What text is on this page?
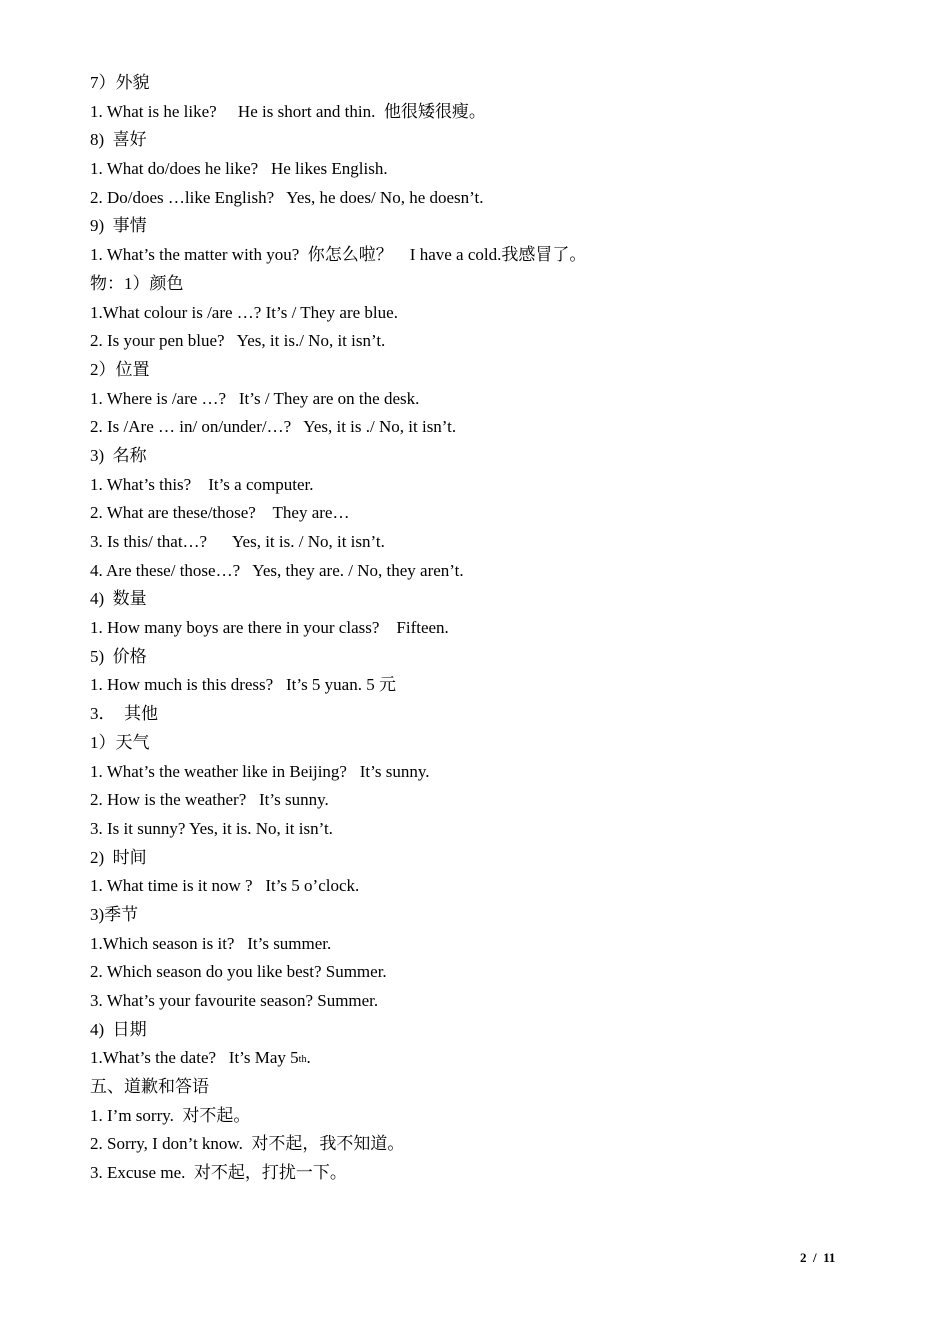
7）外貌
1. What is he like?     He is short and thin.  他很矮很瘦。
8)  喜好
1. What do/does he like?   He likes English.
2. Do/does …like English?   Yes, he does/ No, he doesn’t.
9)  事情
1. What’s the matter with you?  你怎么啦？    I have a cold.我感冒了。
物：1）颜色
1.What colour is /are …? It’s / They are blue.
2. Is your pen blue?   Yes, it is./ No, it isn’t.
2）位置
1. Where is /are …?   It’s / They are on the desk.
2. Is /Are … in/ on/under/…?   Yes, it is ./ No, it isn’t.
3)  名称
1. What’s this?    It’s a computer.
2. What are these/those?    They are…
3. Is this/ that…?      Yes, it is. / No, it isn’t.
4. Are these/ those…?   Yes, they are. / No, they aren’t.
4)  数量
1. How many boys are there in your class?    Fifteen.
5)  价格
1. How much is this dress?   It’s 5 yuan. 5 元
3．  其他
1）天气
1. What’s the weather like in Beijing?   It’s sunny.
2. How is the weather?   It’s sunny.
3. Is it sunny? Yes, it is. No, it isn’t.
2)  时间
1. What time is it now ?   It’s 5 o’clock.
3)季节
1.Which season is it?   It’s summer.
2. Which season do you like best? Summer.
3. What’s your favourite season? Summer.
4)  日期
1.What’s the date?   It’s May 5th.
五、道歉和答语
1. I’m sorry.  对不起。
2. Sorry, I don’t know.  对不起，我不知道。
3. Excuse me.  对不起，打扰一下。
2  /  11
